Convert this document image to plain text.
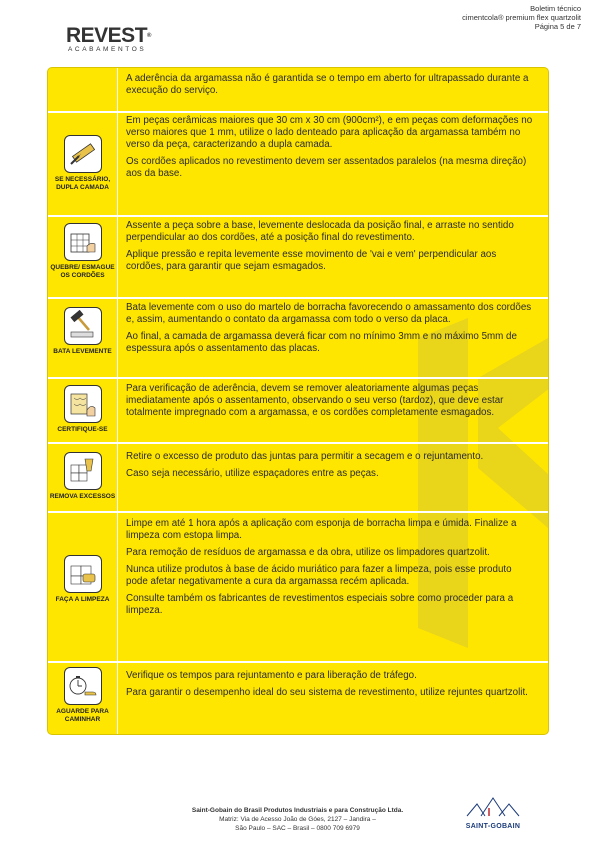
Boletim técnico
cimentcola® premium flex quartzolit
Página 5 de 7
REVEST®
ACABAMENTOS

A aderência da argamassa não é garantida se o tempo em aberto for ultrapassado durante a execução do serviço.

SE NECESSÁRIO, DUPLA CAMADA

Em peças cerâmicas maiores que 30 cm x 30 cm (900cm²), e em peças com deformações no verso maiores que 1 mm, utilize o lado denteado para aplicação da argamassa também no verso da peça, caracterizando a dupla camada.

Os cordões aplicados no revestimento devem ser assentados paralelos (na mesma direção) aos da base.

QUEBRE/ ESMAGUE OS CORDÕES

Assente a peça sobre a base, levemente deslocada da posição final, e arraste no sentido perpendicular ao dos cordões, até a posição final do revestimento.

Aplique pressão e repita levemente esse movimento de 'vai e vem' perpendicular aos cordões, para garantir que sejam esmagados.

BATA LEVEMENTE

Bata levemente com o uso do martelo de borracha favorecendo o amassamento dos cordões e, assim, aumentando o contato da argamassa com todo o verso da placa.

Ao final, a camada de argamassa deverá ficar com no mínimo 3mm e no máximo 5mm de espessura após o assentamento das placas.

CERTIFIQUE-SE

Para verificação de aderência, devem se remover aleatoriamente algumas peças imediatamente após o assentamento, observando o seu verso (tardoz), que deve estar totalmente impregnado com a argamassa, e os cordões completamente esmagados.

REMOVA EXCESSOS

Retire o excesso de produto das juntas para permitir a secagem e o rejuntamento.

Caso seja necessário, utilize espaçadores entre as peças.

FAÇA A LIMPEZA

Limpe em até 1 hora após a aplicação com esponja de borracha limpa e úmida. Finalize a limpeza com estopa limpa.

Para remoção de resíduos de argamassa e da obra, utilize os limpadores quartzolit.

Nunca utilize produtos à base de ácido muriático para fazer a limpeza, pois esse produto pode afetar negativamente a cura da argamassa recém aplicada.

Consulte também os fabricantes de revestimentos especiais sobre como proceder para a limpeza.

AGUARDE PARA CAMINHAR

Verifique os tempos para rejuntamento e para liberação de tráfego.

Para garantir o desempenho ideal do seu sistema de revestimento, utilize rejuntes quartzolit.

Saint-Gobain do Brasil Produtos Industriais e para Construção Ltda.
Matriz: Via de Acesso João de Góes, 2127 – Jandira –
São Paulo – SAC – Brasil – 0800 709 6979	SAINT-GOBAIN
